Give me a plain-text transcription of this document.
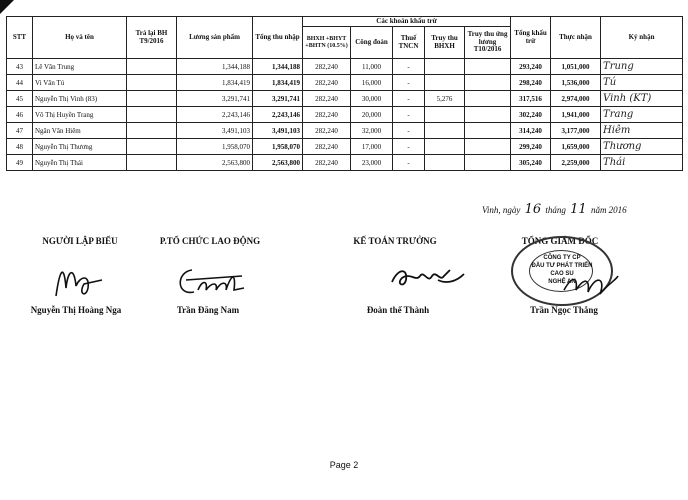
STT	Họ và tên	Trả lại BH T9/2016	Lương sản phẩm	Tổng thu nhập	Các khoản khấu trừ					Tổng khấu trừ	Thực nhận	Ký nhận
					BHXH +BHYT +BHTN (10.5%)	Công đoàn	Thuế TNCN	Truy thu BHXH	Truy thu ứng lương T10/2016			
43	Lê Văn Trung		1,344,188	1,344,188	282,240	11,000	-			293,240	1,051,000	Trung
44	Vi Văn Tú		1,834,419	1,834,419	282,240	16,000	-			298,240	1,536,000	Tú
45	Nguyễn Thị Vinh (83)		3,291,741	3,291,741	282,240	30,000	-	5,276		317,516	2,974,000	Vinh (KT)
46	Võ Thị Huyền Trang		2,243,146	2,243,146	282,240	20,000	-			302,240	1,941,000	Trang
47	Ngân Văn Hiêm		3,491,103	3,491,103	282,240	32,000	-			314,240	3,177,000	Hiêm
48	Nguyễn Thị Thương		1,958,070	1,958,070	282,240	17,000	-			299,240	1,659,000	Thương
49	Nguyễn Thị Thái		2,563,800	2,563,800	282,240	23,000	-			305,240	2,259,000	Thái
Vinh, ngày 16 tháng 11 năm 2016
NGƯỜI LẬP BIỂU	P.TỔ CHỨC LAO ĐỘNG	KẾ TOÁN TRƯỞNG	TỔNG GIÁM ĐỐC
CÔNG TY CP
ĐẦU TƯ PHÁT TRIỂN
CAO SU
NGHỆ AN
Nguyễn Thị Hoàng Nga	Trần Đăng Nam	Đoàn thế Thành	Trần Ngọc Thắng
Page 2
